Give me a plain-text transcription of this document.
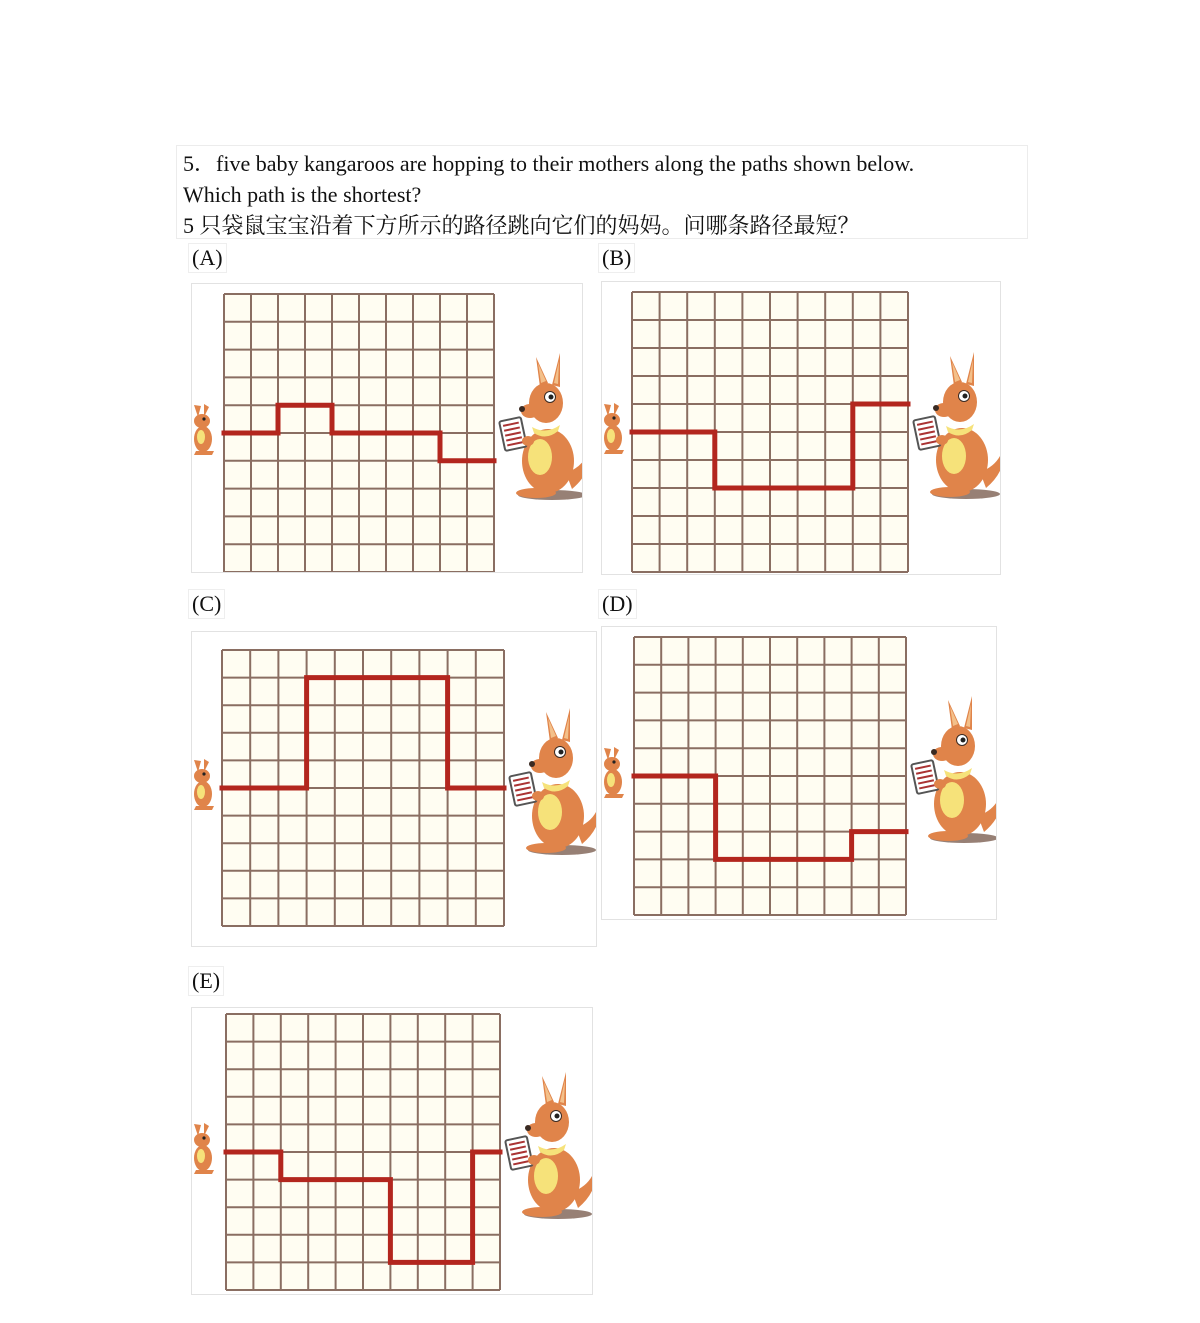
5．five baby kangaroos are hopping to their mothers along the paths shown below.
Which path is the shortest?
5 只袋鼠宝宝沿着下方所示的路径跳向它们的妈妈。问哪条路径最短？
(A)	(B)
(C)	(D)
(E)
